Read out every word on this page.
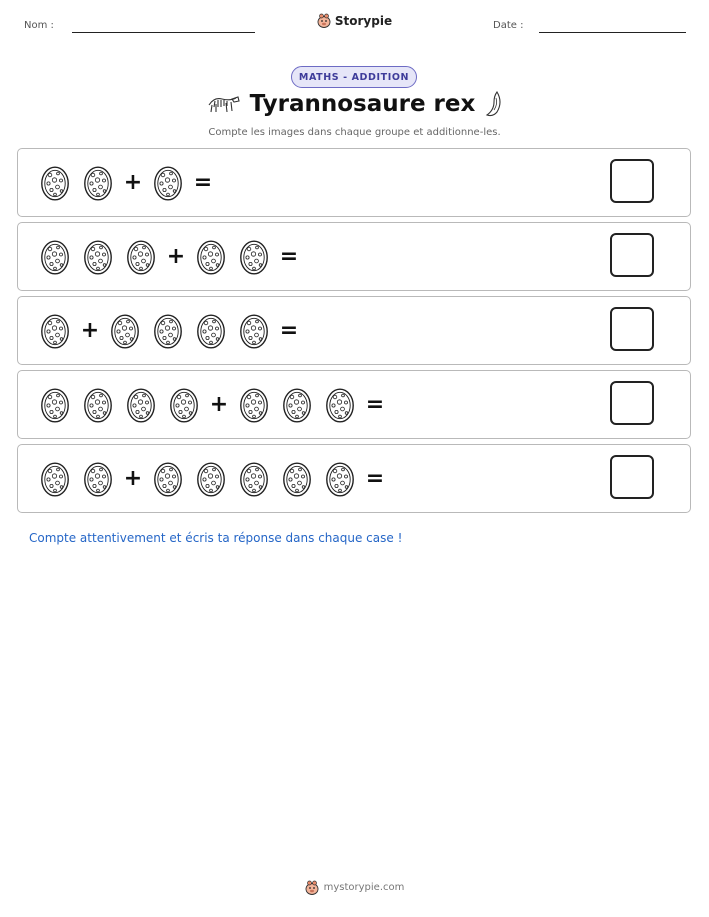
Nom :	Storypie	Date :
MATHS - ADDITION
Tyrannosaure rex
Compte les images dans chaque groupe et additionne-les.
+ =
+	=
+	=
+	=
+	=
Compte attentivement et écris ta réponse dans chaque case !
mystorypie.com
